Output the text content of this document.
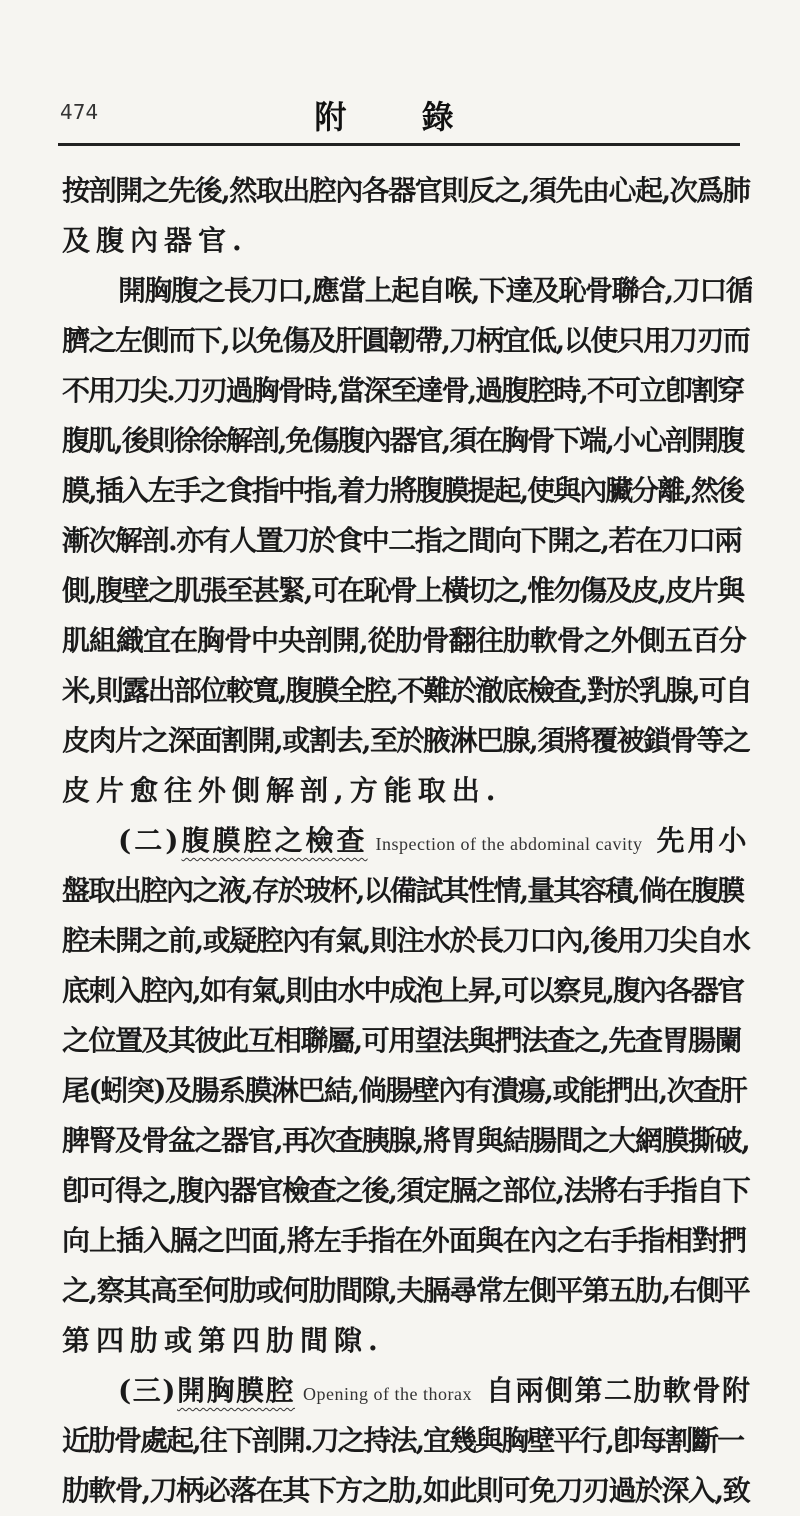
474	附 錄
按剖開之先後,然取出腔內各器官則反之,須先由心起,次爲肺
及腹內器官.
開胸腹之長刀口,應當上起自喉,下達及恥骨聯合,刀口循
臍之左側而下,以免傷及肝圓韌帶,刀柄宜低,以使只用刀刃而
不用刀尖.刀刃過胸骨時,當深至達骨,過腹腔時,不可立卽割穿
腹肌,後則徐徐解剖,免傷腹內器官,須在胸骨下端,小心剖開腹
膜,插入左手之食指中指,着力將腹膜提起,使與內臟分離,然後
漸次解剖.亦有人置刀於食中二指之間向下開之,若在刀口兩
側,腹壁之肌張至甚緊,可在恥骨上橫切之,惟勿傷及皮,皮片與
肌組織宜在胸骨中央剖開,從肋骨翻往肋軟骨之外側五百分
米,則露出部位較寬,腹膜全腔,不難於澈底檢查,對於乳腺,可自
皮肉片之深面割開,或割去,至於腋淋巴腺,須將覆被鎖骨等之
皮片愈往外側解剖,方能取出.
(二)腹膜腔之檢查 Inspection of the abdominal cavity 先用小
盤取出腔內之液,存於玻杯,以備試其性情,量其容積,倘在腹膜
腔未開之前,或疑腔內有氣,則注水於長刀口內,後用刀尖自水
底刺入腔內,如有氣,則由水中成泡上昇,可以察見,腹內各器官
之位置及其彼此互相聯屬,可用望法與捫法查之,先查胃腸闌
尾(蚓突)及腸系膜淋巴結,倘腸壁內有潰瘍,或能捫出,次查肝
脾腎及骨盆之器官,再次查胰腺,將胃與結腸間之大網膜撕破,
卽可得之,腹內器官檢查之後,須定膈之部位,法將右手指自下
向上插入膈之凹面,將左手指在外面與在內之右手指相對捫
之,察其高至何肋或何肋間隙,夫膈尋常左側平第五肋,右側平
第四肋或第四肋間隙.
(三)開胸膜腔 Opening of the thorax 自兩側第二肋軟骨附
近肋骨處起,往下剖開.刀之持法,宜幾與胸壁平行,卽每割斷一
肋軟骨,刀柄必落在其下方之肋,如此則可免刀刃過於深入,致
